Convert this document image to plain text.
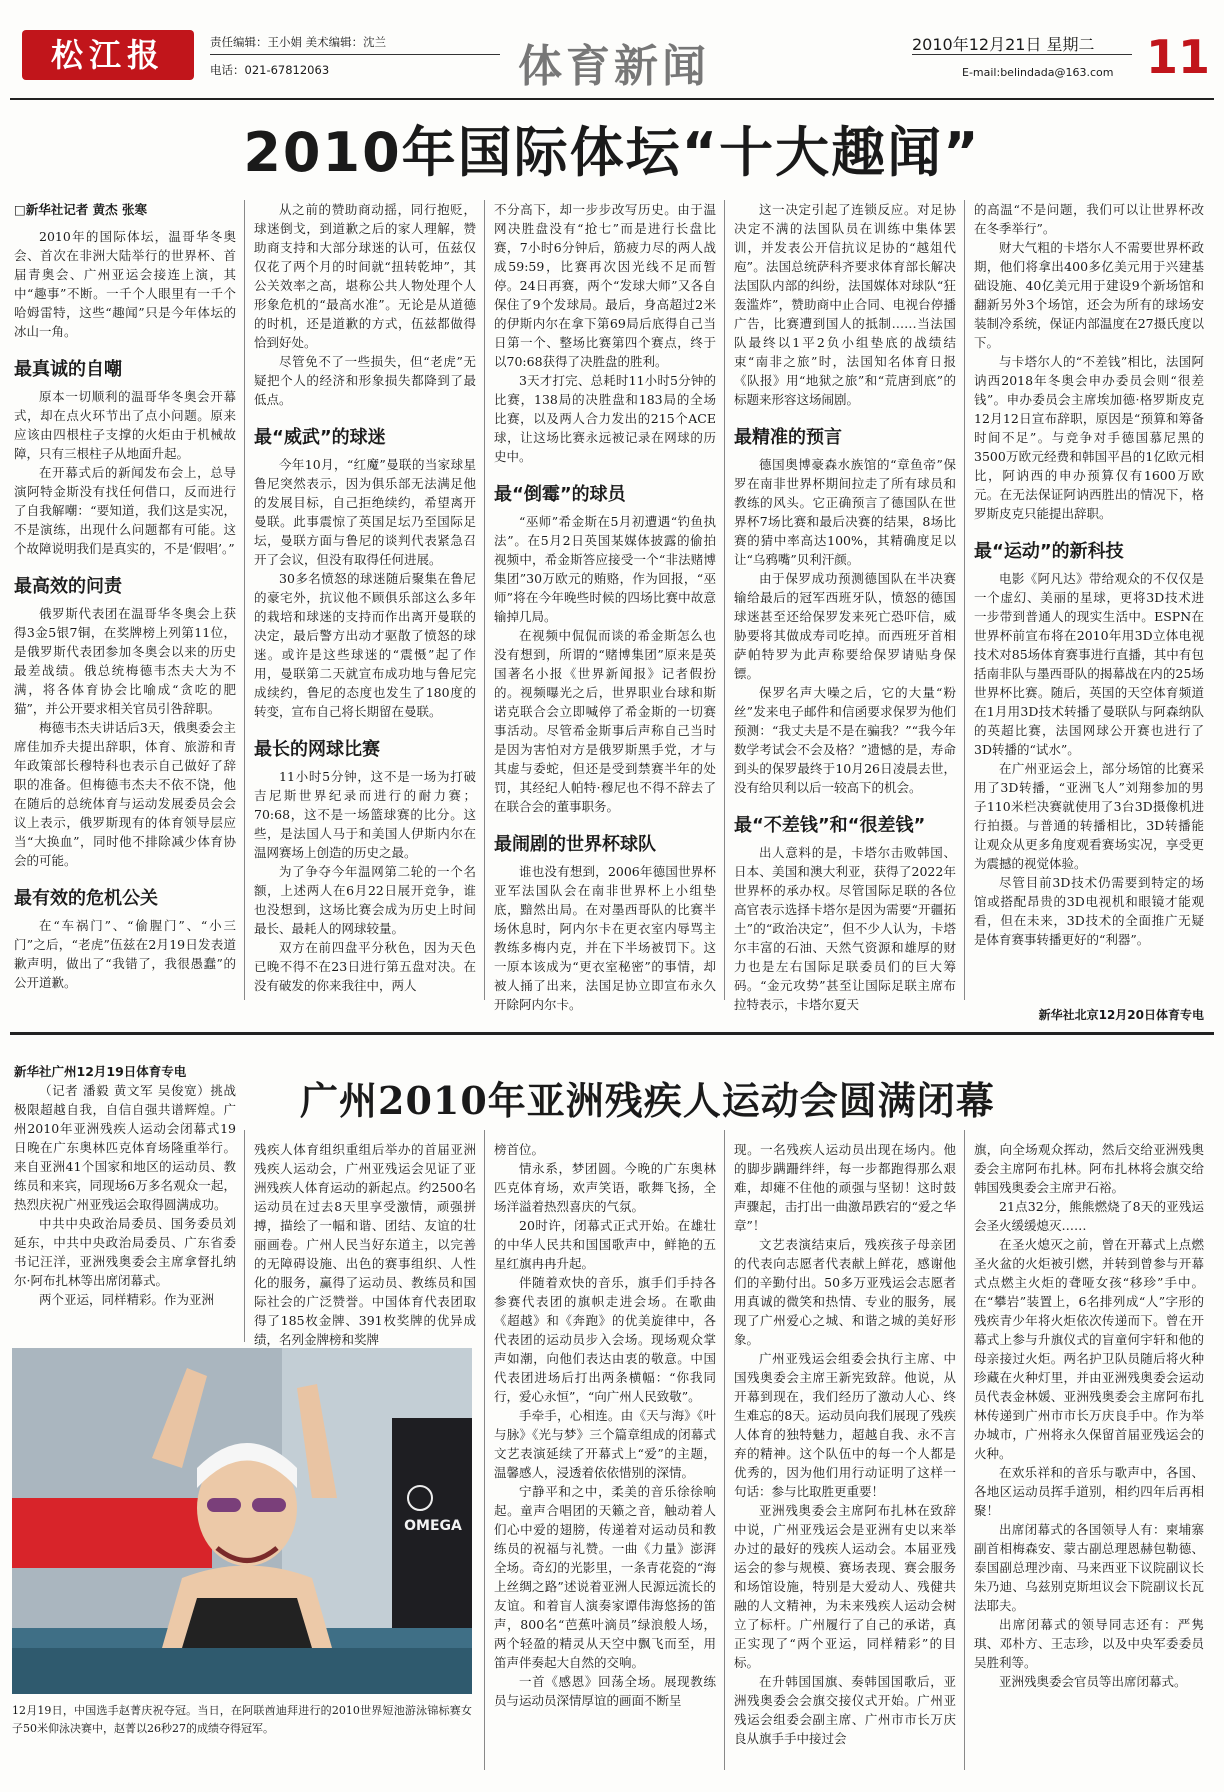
松江报	责任编辑：王小娟 美术编辑：沈兰
电话：021-67812063	体育新闻	2010年12月21日 星期二
E-mail:belindada@163.com 11
2010年国际体坛“十大趣闻”
□新华社记者 黄杰 张寒

2010年的国际体坛，温哥华冬奥会、首次在非洲大陆举行的世界杯、首届青奥会、广州亚运会接连上演，其中“趣事”不断。一千个人眼里有一千个哈姆雷特，这些“趣闻”只是今年体坛的冰山一角。

最真诚的自嘲

原本一切顺利的温哥华冬奥会开幕式，却在点火环节出了点小问题。原来应该由四根柱子支撑的火炬由于机械故障，只有三根柱子从地面升起。

在开幕式后的新闻发布会上，总导演阿特金斯没有找任何借口，反而进行了自我解嘲：“要知道，我们这是实况，不是演练，出现什么问题都有可能。这个故障说明我们是真实的，不是‘假唱’。”

最高效的问责

俄罗斯代表团在温哥华冬奥会上获得3金5银7铜，在奖牌榜上列第11位，是俄罗斯代表团参加冬奥会以来的历史最差战绩。俄总统梅德韦杰夫大为不满，将各体育协会比喻成“贪吃的肥猫”，并公开要求相关官员引咎辞职。

梅德韦杰夫讲话后3天，俄奥委会主席佳加乔夫提出辞职，体育、旅游和青年政策部长穆特科也表示自己做好了辞职的准备。但梅德韦杰夫不依不饶，他在随后的总统体育与运动发展委员会会议上表示，俄罗斯现有的体育领导层应当“大换血”，同时他不排除减少体育协会的可能。

最有效的危机公关

在“车祸门”、“偷腥门”、“小三门”之后，“老虎”伍兹在2月19日发表道歉声明，做出了“我错了，我很愚蠢”的公开道歉。

从之前的赞助商动摇，同行抱贬，球迷倒戈，到道歉之后的家人理解，赞助商支持和大部分球迷的认可，伍兹仅仅花了两个月的时间就“扭转乾坤”，其公关效率之高，堪称公共人物处理个人形象危机的“最高水准”。无论是从道德的时机，还是道歉的方式，伍兹都做得恰到好处。

尽管免不了一些损失，但“老虎”无疑把个人的经济和形象损失都降到了最低点。

最“威武”的球迷

今年10月，“红魔”曼联的当家球星鲁尼突然表示，因为俱乐部无法满足他的发展目标，自己拒绝续约，希望离开曼联。此事震惊了英国足坛乃至国际足坛，曼联方面与鲁尼的谈判代表紧急召开了会议，但没有取得任何进展。

30多名愤怒的球迷随后聚集在鲁尼的豪宅外，抗议他不顾俱乐部这么多年的栽培和球迷的支持而作出离开曼联的决定，最后警方出动才驱散了愤怒的球迷。或许是这些球迷的“震慑”起了作用，曼联第二天就宣布成功地与鲁尼完成续约，鲁尼的态度也发生了180度的转变，宣布自己将长期留在曼联。

最长的网球比赛

11小时5分钟，这不是一场为打破吉尼斯世界纪录而进行的耐力赛；70:68，这不是一场篮球赛的比分。这些，是法国人马于和美国人伊斯内尔在温网赛场上创造的历史之最。

为了争夺今年温网第二轮的一个名额，上述两人在6月22日展开竞争，谁也没想到，这场比赛会成为历史上时间最长、最耗人的网球较量。

双方在前四盘平分秋色，因为天色已晚不得不在23日进行第五盘对决。在没有破发的你来我往中，两人

不分高下，却一步步改写历史。由于温网决胜盘没有“抢七”而是进行长盘比赛，7小时6分钟后，筋疲力尽的两人战成59:59，比赛再次因光线不足而暂停。24日再赛，两个“发球大师”又各自保住了9个发球局。最后，身高超过2米的伊斯内尔在拿下第69局后底得自己当日第一个、整场比赛第四个赛点，终于以70:68获得了决胜盘的胜利。

3天才打完、总耗时11小时5分钟的比赛，138局的决胜盘和183局的全场比赛，以及两人合力发出的215个ACE球，让这场比赛永远被记录在网球的历史中。

最“倒霉”的球员

“巫师”希金斯在5月初遭遇“钓鱼执法”。在5月2日英国某媒体披露的偷拍视频中，希金斯答应接受一个“非法赌博集团”30万欧元的贿赂，作为回报，“巫师”将在今年晚些时候的四场比赛中故意输掉几局。

在视频中侃侃而谈的希金斯怎么也没有想到，所谓的“赌博集团”原来是英国著名小报《世界新闻报》记者假扮的。视频曝光之后，世界职业台球和斯诺克联合会立即喊停了希金斯的一切赛事活动。尽管希金斯事后声称自己当时是因为害怕对方是俄罗斯黑手党，才与其虚与委蛇，但还是受到禁赛半年的处罚，其经纪人帕特·穆尼也不得不辞去了在联合会的董事职务。

最闹剧的世界杯球队

谁也没有想到，2006年德国世界杯亚军法国队会在南非世界杯上小组垫底，黯然出局。在对墨西哥队的比赛半场休息时，阿内尔卡在更衣室内辱骂主教练多梅内克，并在下半场被罚下。这一原本该成为“更衣室秘密”的事情，却被人捅了出来，法国足协立即宣布永久开除阿内尔卡。

这一决定引起了连锁反应。对足协决定不满的法国队员在训练中集体罢训，并发表公开信抗议足协的“越俎代庖”。法国总统萨科齐要求体育部长解决法国队内部的纠纷，法国媒体对球队“狂轰滥炸”，赞助商中止合同、电视台停播广告，比赛遭到国人的抵制……当法国队最终以1平2负小组垫底的战绩结束“南非之旅”时，法国知名体育日报《队报》用“地狱之旅”和“荒唐到底”的标题来形容这场闹剧。

最精准的预言

德国奥博豪森水族馆的“章鱼帝”保罗在南非世界杯期间拉走了所有球员和教练的风头。它正确预言了德国队在世界杯7场比赛和最后决赛的结果，8场比赛的猜中率高达100%，其精确度足以让“乌鸦嘴”贝利汗颜。

由于保罗成功预测德国队在半决赛输给最后的冠军西班牙队，愤怒的德国球迷甚至还给保罗发来死亡恐吓信，威胁要将其做成寿司吃掉。而西班牙首相萨帕特罗为此声称要给保罗请贴身保镖。

保罗名声大噪之后，它的大量“粉丝”发来电子邮件和信函要求保罗为他们预测：“我丈夫是不是在骗我？”“我今年数学考试会不会及格？”遗憾的是，寿命到头的保罗最终于10月26日凌晨去世，没有给贝利以后一较高下的机会。

最“不差钱”和“很差钱”

出人意料的是，卡塔尔击败韩国、日本、美国和澳大利亚，获得了2022年世界杯的承办权。尽管国际足联的各位高官表示选择卡塔尔是因为需要“开疆拓土”的“政治决定”，但不少人认为，卡塔尔丰富的石油、天然气资源和雄厚的财力也是左右国际足联委员们的巨大筹码。“金元攻势”甚至让国际足联主席布拉特表示，卡塔尔夏天

的高温“不是问题，我们可以让世界杯改在冬季举行”。

财大气粗的卡塔尔人不需要世界杯政期，他们将拿出400多亿美元用于兴建基础设施、40亿美元用于建设9个新场馆和翻新另外3个场馆，还会为所有的球场安装制冷系统，保证内部温度在27摄氏度以下。

与卡塔尔人的“不差钱”相比，法国阿讷西2018年冬奥会申办委员会则“很差钱”。申办委员会主席埃加德·格罗斯皮克12月12日宣布辞职，原因是“预算和筹备时间不足”。与竞争对手德国慕尼黑的3500万欧元经费和韩国平昌的1亿欧元相比，阿讷西的申办预算仅有1600万欧元。在无法保证阿讷西胜出的情况下，格罗斯皮克只能提出辞职。

最“运动”的新科技

电影《阿凡达》带给观众的不仅仅是一个虚幻、美丽的星球，更将3D技术进一步带到普通人的现实生活中。ESPN在世界杯前宣布将在2010年用3D立体电视技术对85场体育赛事进行直播，其中有包括南非队与墨西哥队的揭幕战在内的25场世界杯比赛。随后，英国的天空体育频道在1月用3D技术转播了曼联队与阿森纳队的英超比赛，法国网球公开赛也进行了3D转播的“试水”。

在广州亚运会上，部分场馆的比赛采用了3D转播，“亚洲飞人”刘翔参加的男子110米栏决赛就使用了3台3D摄像机进行拍摄。与普通的转播相比，3D转播能让观众从更多角度观看赛场实况，享受更为震撼的视觉体验。

尽管目前3D技术仍需要到特定的场馆或搭配昂贵的3D电视机和眼镜才能观看，但在未来，3D技术的全面推广无疑是体育赛事转播更好的“利器”。

新华社北京12月20日体育专电
广州2010年亚洲残疾人运动会圆满闭幕

新华社广州12月19日体育专电

（记者 潘毅 黄文军 吴俊宽）挑战极限超越自我，自信自强共谱辉煌。广州2010年亚洲残疾人运动会闭幕式19日晚在广东奥林匹克体育场隆重举行。来自亚洲41个国家和地区的运动员、教练员和来宾，同现场6万多名观众一起，热烈庆祝广州亚残运会取得圆满成功。

中共中央政治局委员、国务委员刘延东，中共中央政治局委员、广东省委书记汪洋，亚洲残奥委会主席拿督扎纳尔·阿布扎林等出席闭幕式。

两个亚运，同样精彩。作为亚洲

残疾人体育组织重组后举办的首届亚洲残疾人运动会，广州亚残运会见证了亚洲残疾人体育运动的新起点。约2500名运动员在过去8天里享受激情，顽强拼搏，描绘了一幅和谐、团结、友谊的壮丽画卷。广州人民当好东道主，以完善的无障碍设施、出色的赛事组织、人性化的服务，赢得了运动员、教练员和国际社会的广泛赞誉。中国体育代表团取得了185枚金牌、391枚奖牌的优异成绩，名列金牌榜和奖牌

榜首位。

情永系，梦团圆。今晚的广东奥林匹克体育场，欢声笑语，歌舞飞扬，全场洋溢着热烈喜庆的气氛。

20时许，闭幕式正式开始。在雄壮的中华人民共和国国歌声中，鲜艳的五星红旗冉冉升起。

伴随着欢快的音乐，旗手们手持各参赛代表团的旗帜走进会场。在歌曲《超越》和《奔跑》的优美旋律中，各代表团的运动员步入会场。现场观众掌声如潮，向他们表达由衷的敬意。中国代表团进场后打出两条横幅：“你我同行，爱心永恒”，“向广州人民致敬”。

手牵手，心相连。由《天与海》《叶与脉》《光与梦》三个篇章组成的闭幕式文艺表演延续了开幕式上“爱”的主题，温馨感人，浸透着依依惜别的深情。

宁静平和之中，柔美的音乐徐徐响起。童声合唱团的天籁之音，触动着人们心中爱的翅膀，传递着对运动员和教练员的祝福与礼赞。一曲《力量》澎湃全场。奇幻的光影里，一条青花瓷的“海上丝绸之路”述说着亚洲人民源远流长的友谊。和着盲人演奏家谭伟海悠扬的笛声，800名“芭蕉叶滴员”绿浪般人场，两个轻盈的精灵从天空中飘飞而至，用笛声伴奏起大自然的交响。

一首《感恩》回荡全场。展现教练员与运动员深情厚谊的画面不断呈

现。一名残疾人运动员出现在场内。他的脚步蹒跚绊绊，每一步都跑得那么艰难，却瘫不住他的顽强与坚韧！这时鼓声骤起，击打出一曲激昂跌宕的“爱之华章”！

文艺表演结束后，残疾孩子母亲团的代表向志愿者代表献上鲜花，感谢他们的辛勤付出。50多万亚残运会志愿者用真诚的微笑和热情、专业的服务，展现了广州爱心之城、和谐之城的美好形象。

广州亚残运会组委会执行主席、中国残奥委会主席王新宪致辞。他说，从开幕到现在，我们经历了激动人心、终生难忘的8天。运动员向我们展现了残疾人体育的独特魅力，超越自我、永不言弃的精神。这个队伍中的每一个人都是优秀的，因为他们用行动证明了这样一句话：参与比取胜更重要！

亚洲残奥委会主席阿布扎林在致辞中说，广州亚残运会是亚洲有史以来举办过的最好的残疾人运动会。本届亚残运会的参与规模、赛场表现、赛会服务和场馆设施，特别是大爱动人、残健共融的人文精神，为未来残疾人运动会树立了标杆。广州履行了自己的承诺，真正实现了“两个亚运，同样精彩”的目标。

在升韩国国旗、奏韩国国歌后，亚洲残奥委会会旗交接仪式开始。广州亚残运会组委会副主席、广州市市长万庆良从旗手手中接过会

旗，向全场观众挥动，然后交给亚洲残奥委会主席阿布扎林。阿布扎林将会旗交给韩国残奥委会主席尹石裕。

21点32分，熊熊燃烧了8天的亚残运会圣火缓缓熄灭……

在圣火熄灭之前，曾在开幕式上点燃圣火盆的火炬被引燃，并转到曾参与开幕式点燃主火炬的聋哑女孩“移珍”手中。在“攀岩”装置上，6名排列成“人”字形的残疾青少年将火炬依次传递而下。曾在开幕式上参与升旗仪式的盲童何宇轩和他的母亲接过火炬。两名护卫队员随后将火种珍藏在火种灯里，并由亚洲残奥委会运动员代表金林媛、亚洲残奥委会主席阿布扎林传递到广州市市长万庆良手中。作为举办城市，广州将永久保留首届亚残运会的火种。

在欢乐祥和的音乐与歌声中，各国、各地区运动员挥手道别，相约四年后再相聚！

出席闭幕式的各国领导人有：柬埔寨副首相梅森安、蒙古副总理恩赫包勒德、泰国副总理沙南、马来西亚下议院副议长朱乃迪、乌兹别克斯坦议会下院副议长瓦法耶夫。

出席闭幕式的领导同志还有：严隽琪、邓朴方、王志珍，以及中央军委委员吴胜利等。

亚洲残奥委会官员等出席闭幕式。

OMEGA
12月19日，中国选手赵菁庆祝夺冠。当日，在阿联酋迪拜进行的2010世界短池游泳锦标赛女子50米仰泳决赛中，赵菁以26秒27的成绩夺得冠军。
